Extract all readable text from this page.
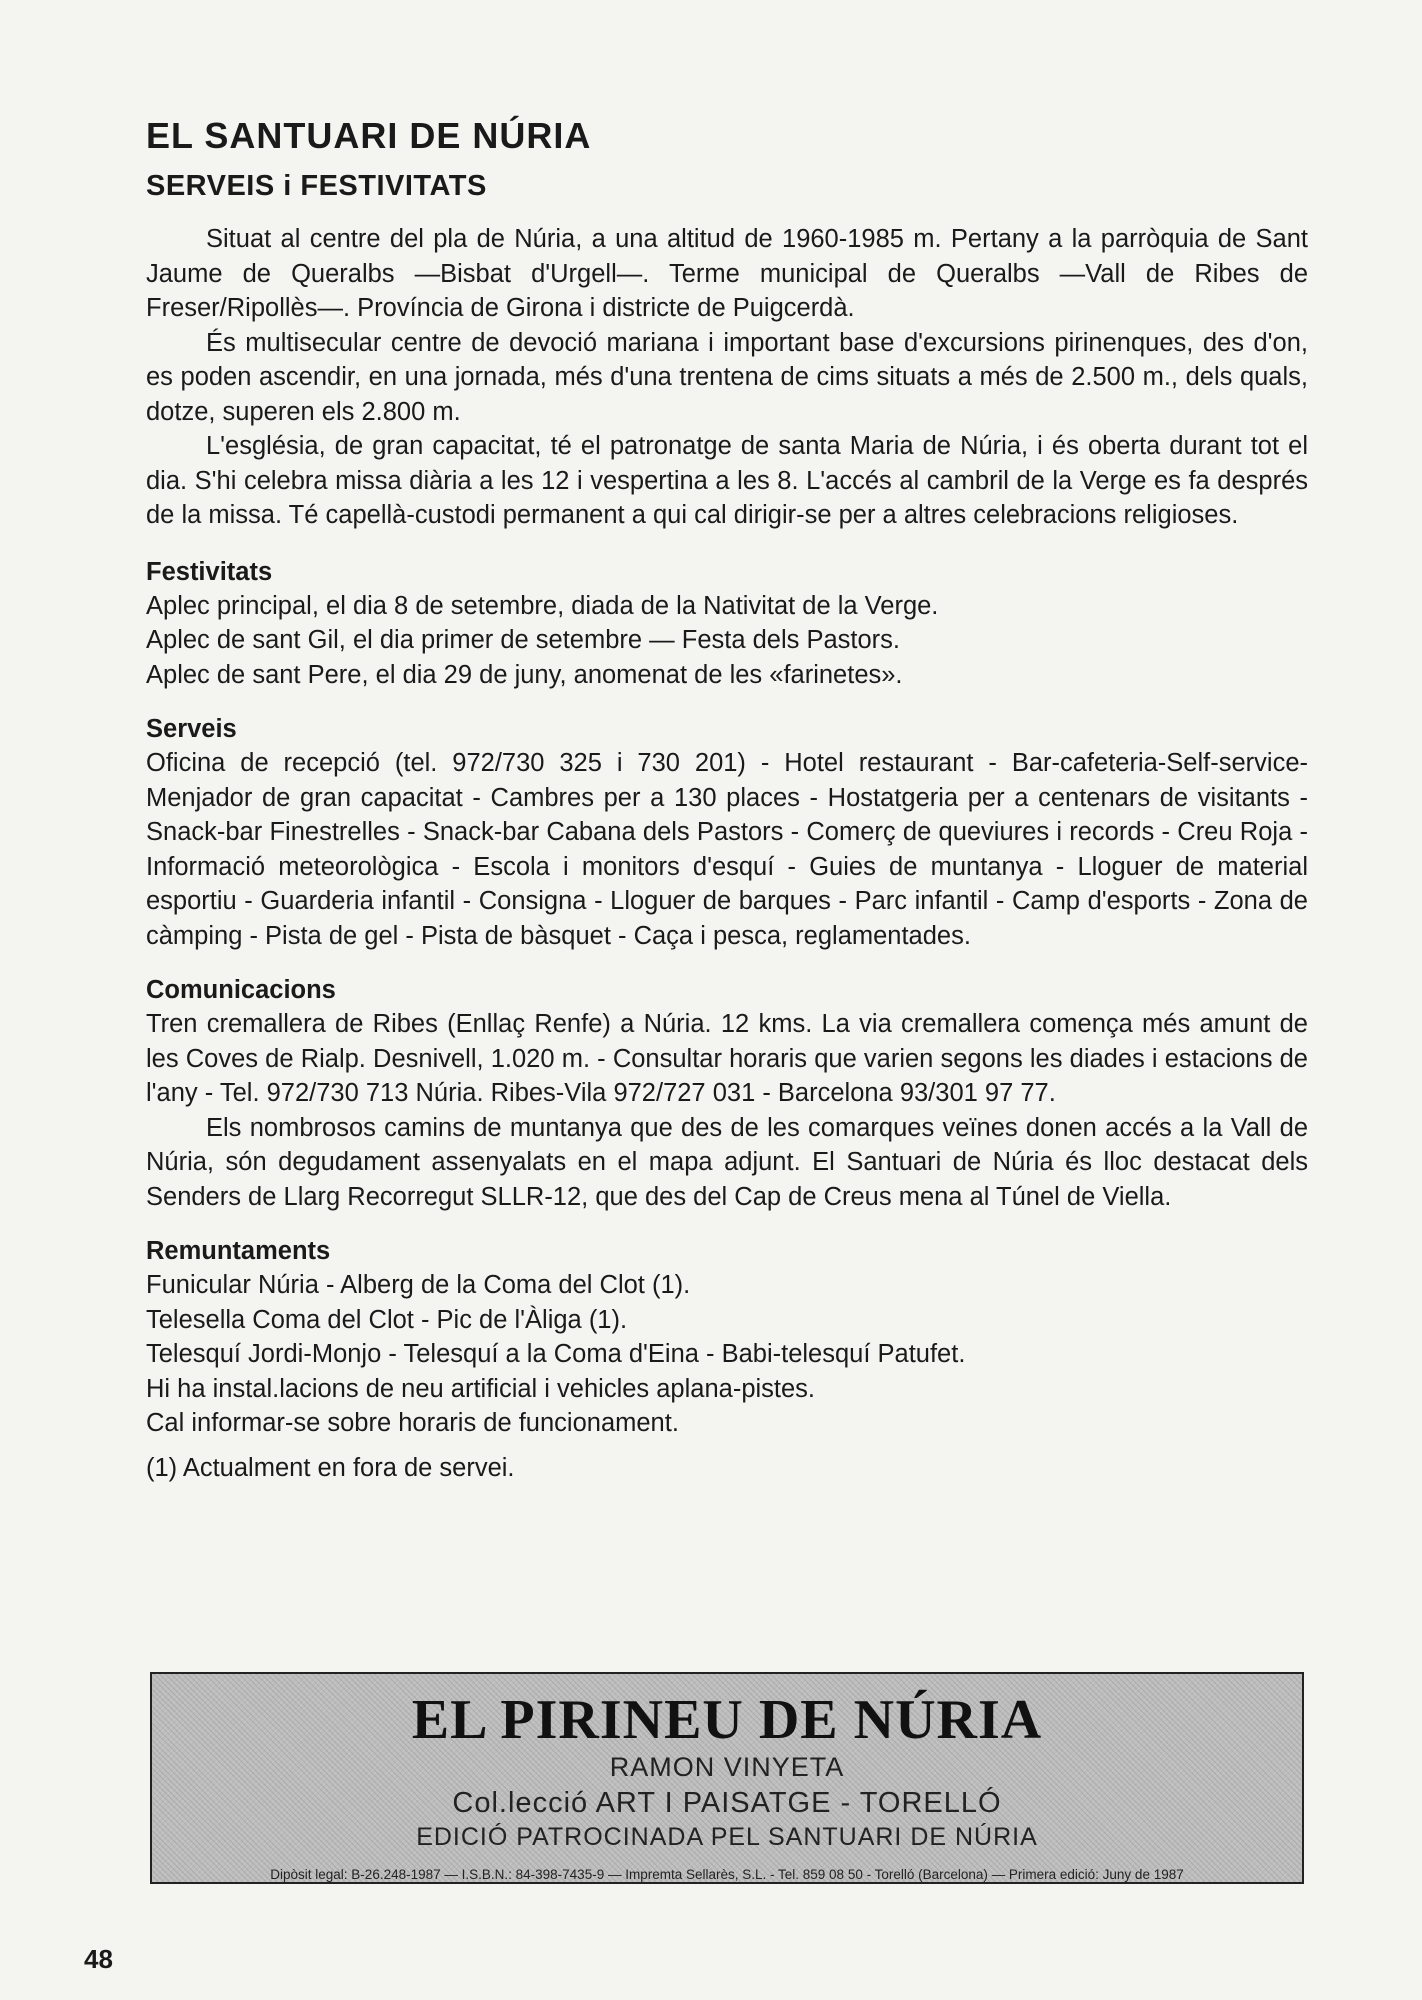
EL SANTUARI DE NÚRIA
SERVEIS i FESTIVITATS

Situat al centre del pla de Núria, a una altitud de 1960-1985 m. Pertany a la parròquia de Sant Jaume de Queralbs —Bisbat d'Urgell—. Terme municipal de Queralbs —Vall de Ribes de Freser/Ripollès—. Província de Girona i districte de Puigcerdà.

És multisecular centre de devoció mariana i important base d'excursions pirinenques, des d'on, es poden ascendir, en una jornada, més d'una trentena de cims situats a més de 2.500 m., dels quals, dotze, superen els 2.800 m.

L'església, de gran capacitat, té el patronatge de santa Maria de Núria, i és oberta durant tot el dia. S'hi celebra missa diària a les 12 i vespertina a les 8. L'accés al cambril de la Verge es fa després de la missa. Té capellà-custodi permanent a qui cal dirigir-se per a altres celebracions religioses.

Festivitats

Aplec principal, el dia 8 de setembre, diada de la Nativitat de la Verge.

Aplec de sant Gil, el dia primer de setembre — Festa dels Pastors.

Aplec de sant Pere, el dia 29 de juny, anomenat de les «farinetes».

Serveis

Oficina de recepció (tel. 972/730 325 i 730 201) - Hotel restaurant - Bar-cafeteria-Self-service-Menjador de gran capacitat - Cambres per a 130 places - Hostatgeria per a centenars de visitants - Snack-bar Finestrelles - Snack-bar Cabana dels Pastors - Comerç de queviures i records - Creu Roja - Informació meteorològica - Escola i monitors d'esquí - Guies de muntanya - Lloguer de material esportiu - Guarderia infantil - Consigna - Lloguer de barques - Parc infantil - Camp d'esports - Zona de càmping - Pista de gel - Pista de bàsquet - Caça i pesca, reglamentades.

Comunicacions

Tren cremallera de Ribes (Enllaç Renfe) a Núria. 12 kms. La via cremallera comença més amunt de les Coves de Rialp. Desnivell, 1.020 m. - Consultar horaris que varien segons les diades i estacions de l'any - Tel. 972/730 713 Núria. Ribes-Vila 972/727 031 - Barcelona 93/301 97 77.

Els nombrosos camins de muntanya que des de les comarques veïnes donen accés a la Vall de Núria, són degudament assenyalats en el mapa adjunt. El Santuari de Núria és lloc destacat dels Senders de Llarg Recorregut SLLR-12, que des del Cap de Creus mena al Túnel de Viella.

Remuntaments

Funicular Núria - Alberg de la Coma del Clot (1).

Telesella Coma del Clot - Pic de l'Àliga (1).

Telesquí Jordi-Monjo - Telesquí a la Coma d'Eina - Babi-telesquí Patufet.

Hi ha instal.lacions de neu artificial i vehicles aplana-pistes.

Cal informar-se sobre horaris de funcionament.

(1) Actualment en fora de servei.

EL PIRINEU DE NÚRIA
RAMON VINYETA
Col.lecció ART I PAISATGE - TORELLÓ
EDICIÓ PATROCINADA PEL SANTUARI DE NÚRIA
Dipòsit legal: B-26.248-1987 — I.S.B.N.: 84-398-7435-9 — Impremta Sellarès, S.L. - Tel. 859 08 50 - Torelló (Barcelona) — Primera edició: Juny de 1987
48
